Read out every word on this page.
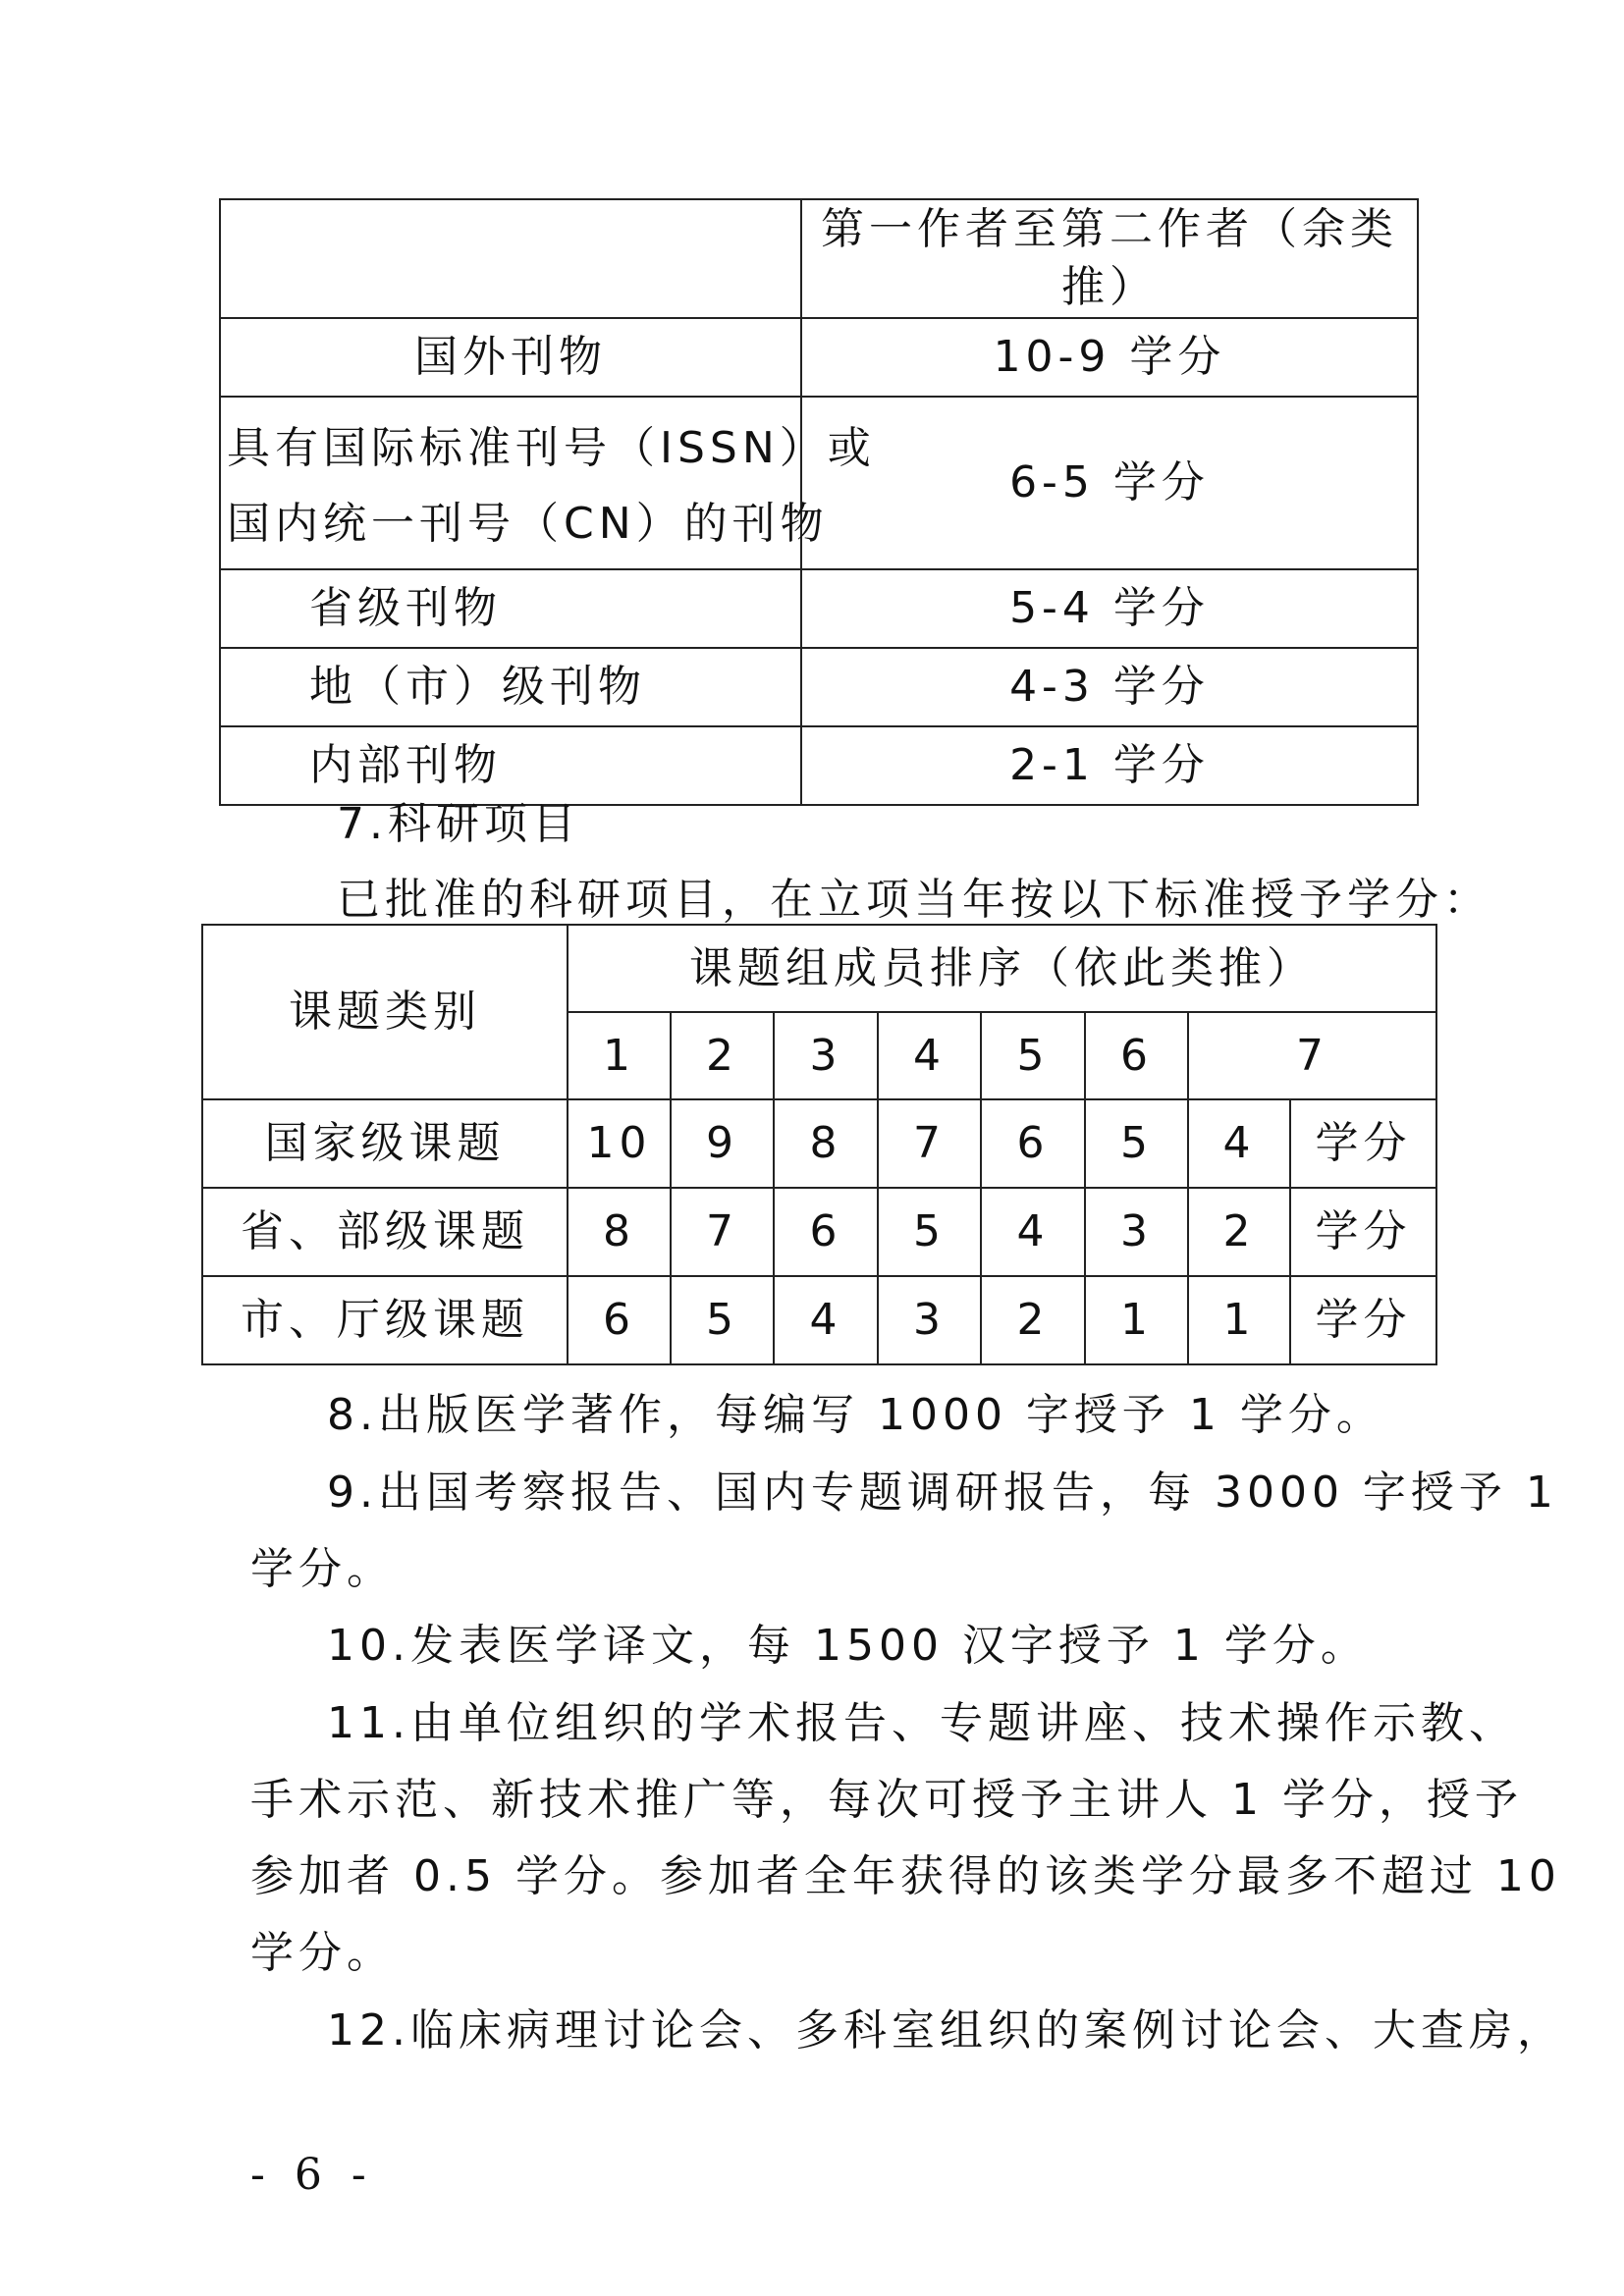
	第一作者至第二作者（余类推）
国外刊物	10-9 学分

具有国际标准刊号（ISSN）或
国内统一刊号（CN）的刊物	6-5 学分
省级刊物	5-4 学分
地（市）级刊物	4-3 学分
内部刊物	2-1 学分
7.科研项目
已批准的科研项目，在立项当年按以下标准授予学分：
课题类别	课题组成员排序（依此类推）							
	1	2	3	4	5	6	7	
国家级课题	10	9	8	7	6	5	4	学分
省、部级课题	8	7	6	5	4	3	2	学分
市、厅级课题	6	5	4	3	2	1	1	学分
8.出版医学著作，每编写 1000 字授予 1 学分。
9.出国考察报告、国内专题调研报告，每 3000 字授予 1
学分。
10.发表医学译文，每 1500 汉字授予 1 学分。
11.由单位组织的学术报告、专题讲座、技术操作示教、
手术示范、新技术推广等，每次可授予主讲人 1 学分，授予
参加者 0.5 学分。参加者全年获得的该类学分最多不超过 10
学分。
12.临床病理讨论会、多科室组织的案例讨论会、大查房，
- 6 -
